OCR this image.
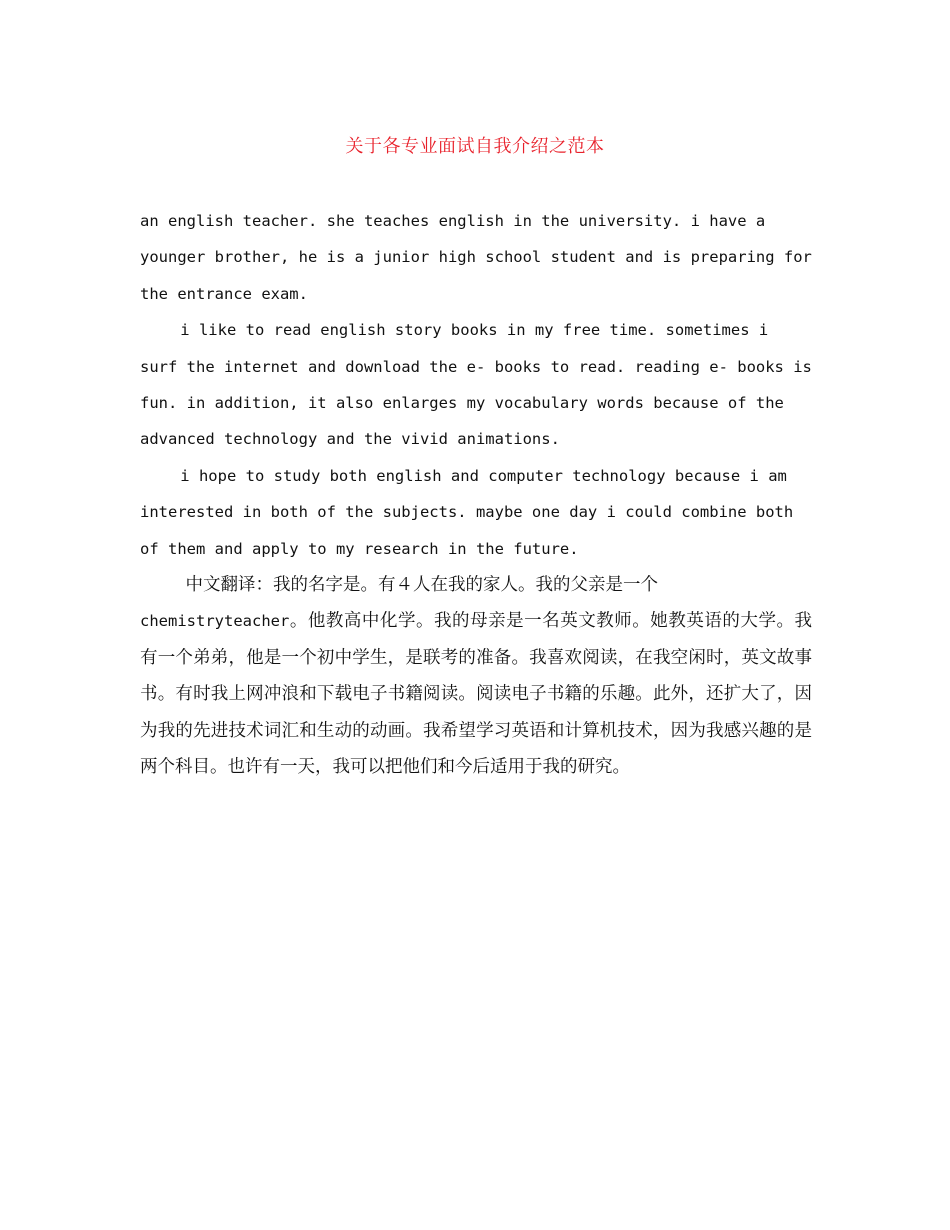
关于各专业面试自我介绍之范本

an english teacher. she teaches english in the university. i have a younger brother, he is a junior high school student and is preparing for the entrance exam.

i like to read english story books in my free time. sometimes i surf the internet and download the e- books to read. reading e- books is fun. in addition, it also enlarges my vocabulary words because of the advanced technology and the vivid animations.

i hope to study both english and computer technology because i am interested in both of the subjects. maybe one day i could combine both of them and apply to my research in the future.

中文翻译：我的名字是。有４人在我的家人。我的父亲是一个
chemistryteacher。他教高中化学。我的母亲是一名英文教师。她教英语的大学。我有一个弟弟，他是一个初中学生，是联考的准备。我喜欢阅读，在我空闲时，英文故事书。有时我上网冲浪和下载电子书籍阅读。阅读电子书籍的乐趣。此外，还扩大了，因为我的先进技术词汇和生动的动画。我希望学习英语和计算机技术，因为我感兴趣的是两个科目。也许有一天，我可以把他们和今后适用于我的研究。
